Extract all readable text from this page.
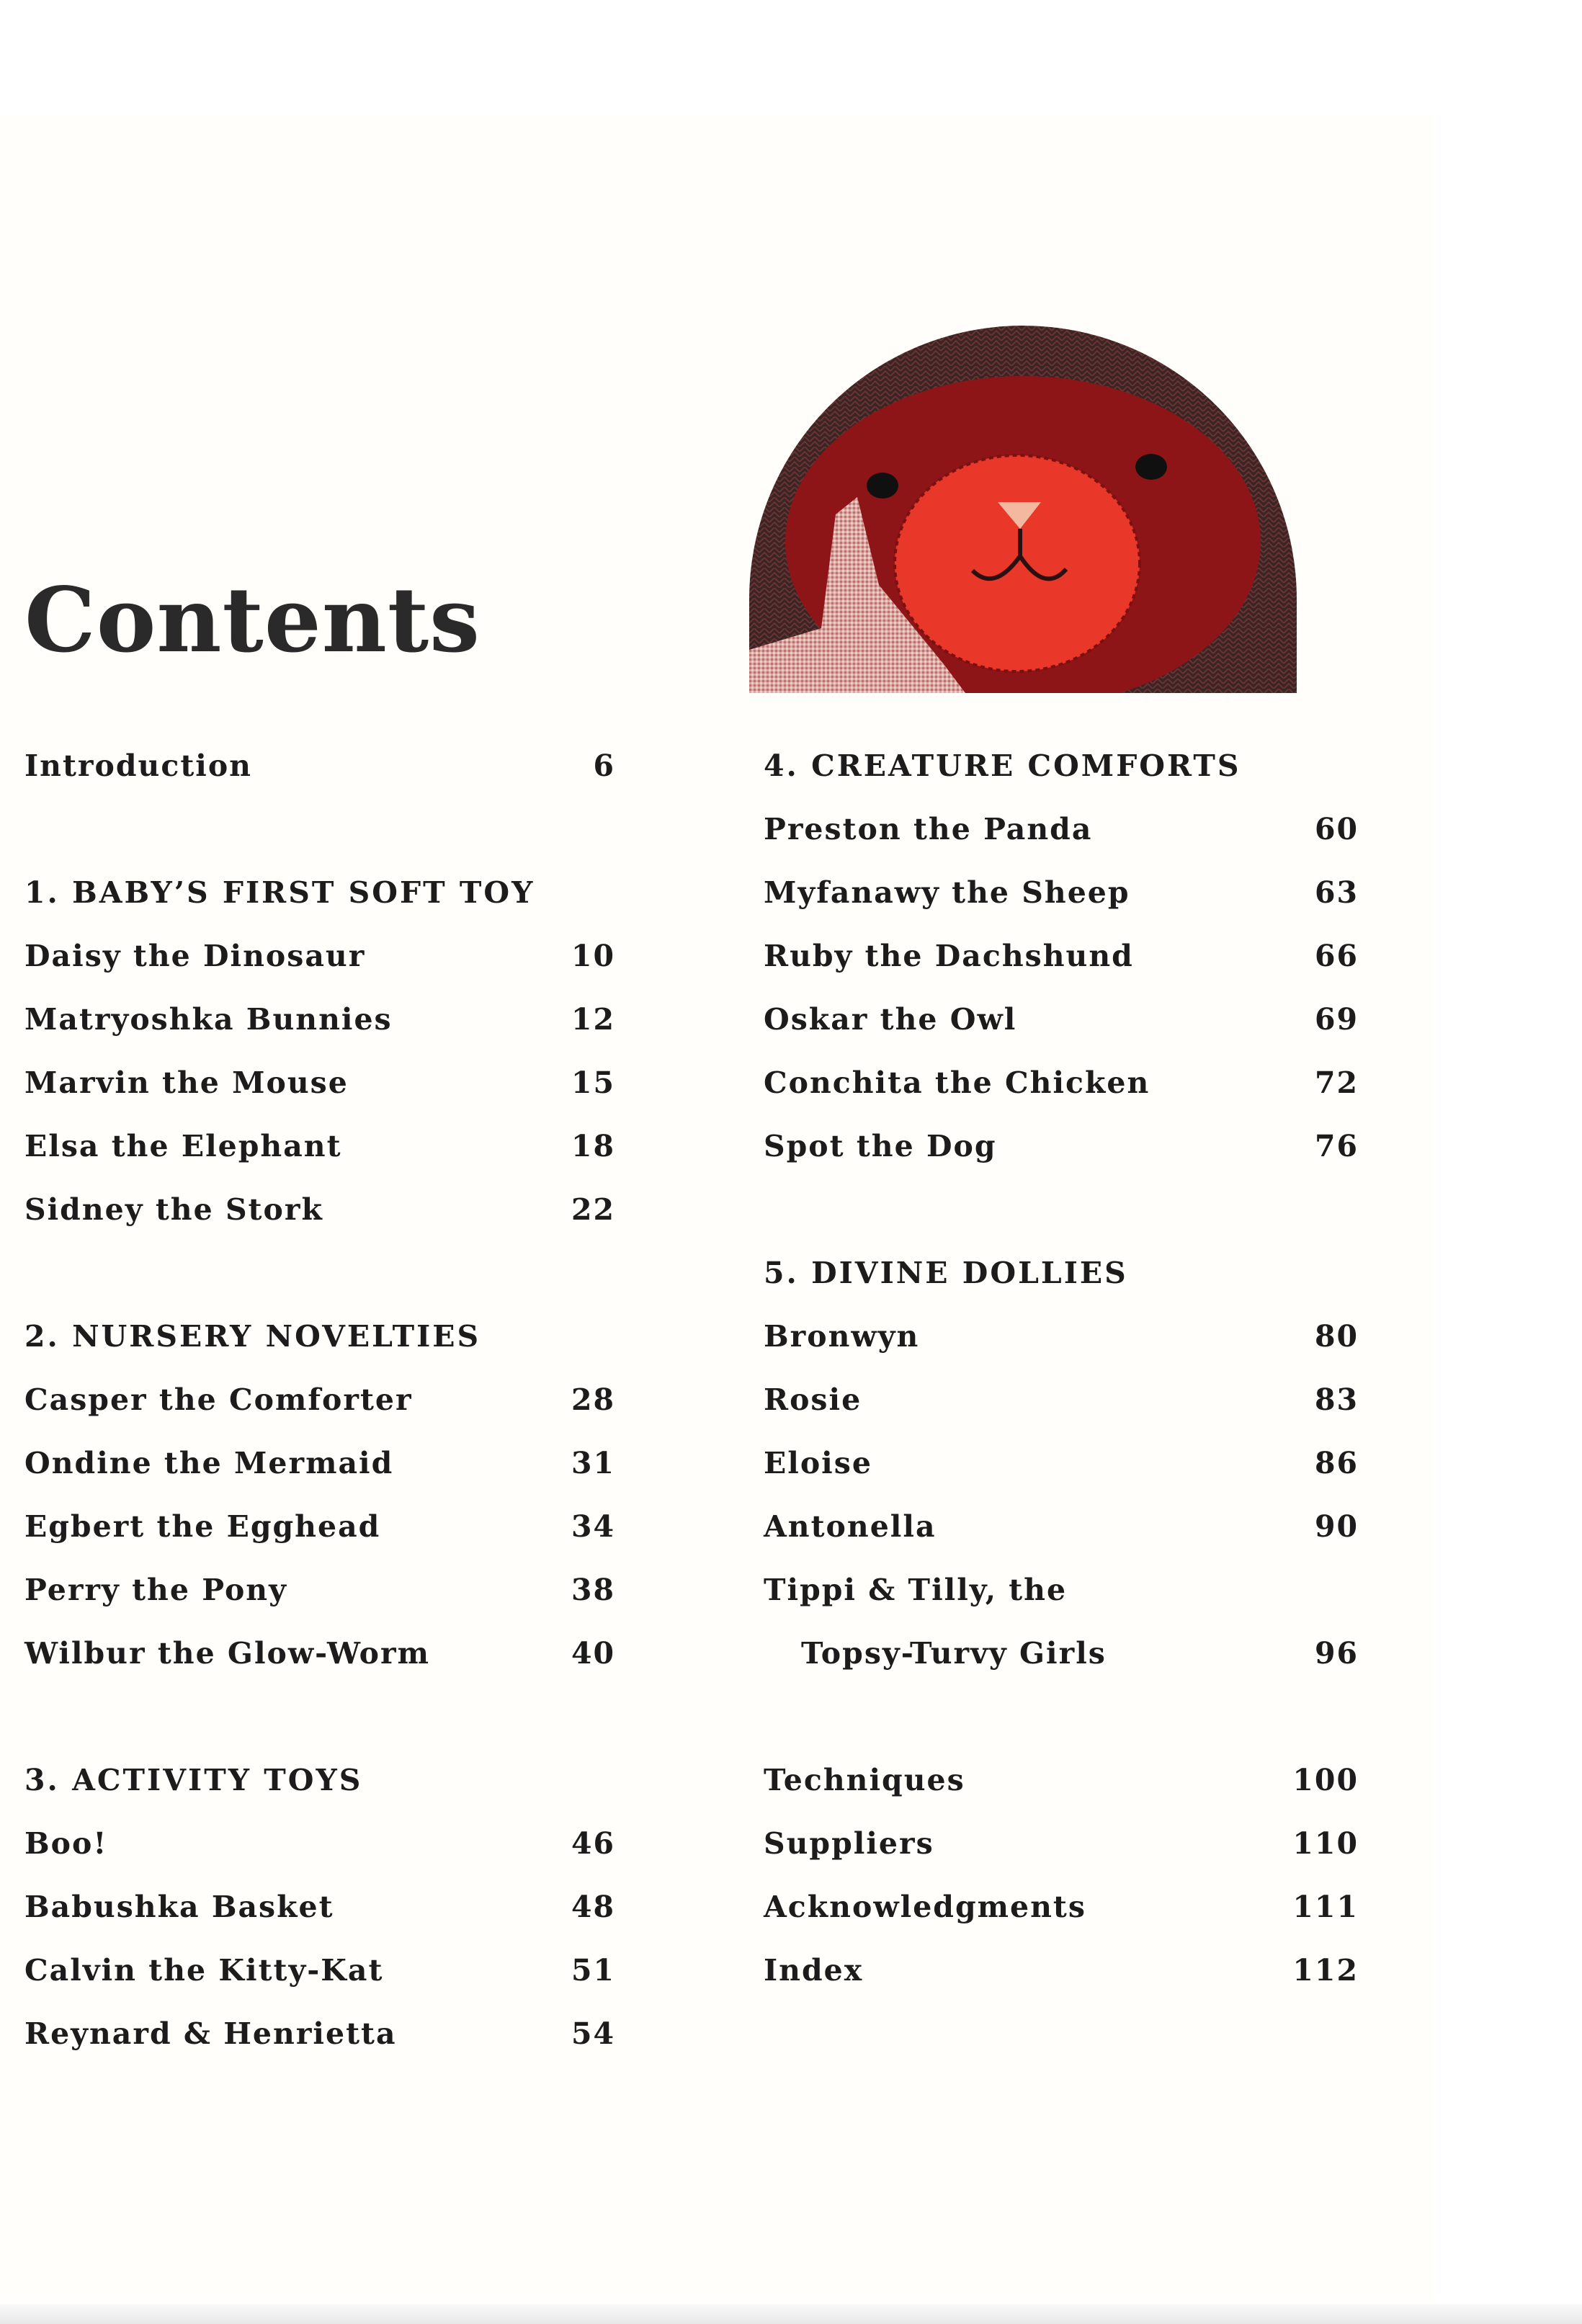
Contents
Introduction	6
1. BABY’S FIRST SOFT TOY
Daisy the Dinosaur	10
Matryoshka Bunnies	12
Marvin the Mouse	15
Elsa the Elephant	18
Sidney the Stork	22
2. NURSERY NOVELTIES
Casper the Comforter	28
Ondine the Mermaid	31
Egbert the Egghead	34
Perry the Pony	38
Wilbur the Glow-Worm	40
3. ACTIVITY TOYS
Boo!	46
Babushka Basket	48
Calvin the Kitty-Kat	51
Reynard & Henrietta	54
4. CREATURE COMFORTS
Preston the Panda	60
Myfanawy the Sheep	63
Ruby the Dachshund	66
Oskar the Owl	69
Conchita the Chicken	72
Spot the Dog	76
5. DIVINE DOLLIES
Bronwyn	80
Rosie	83
Eloise	86
Antonella	90
Tippi & Tilly, the
Topsy-Turvy Girls	96
Techniques	100
Suppliers	110
Acknowledgments	111
Index	112
